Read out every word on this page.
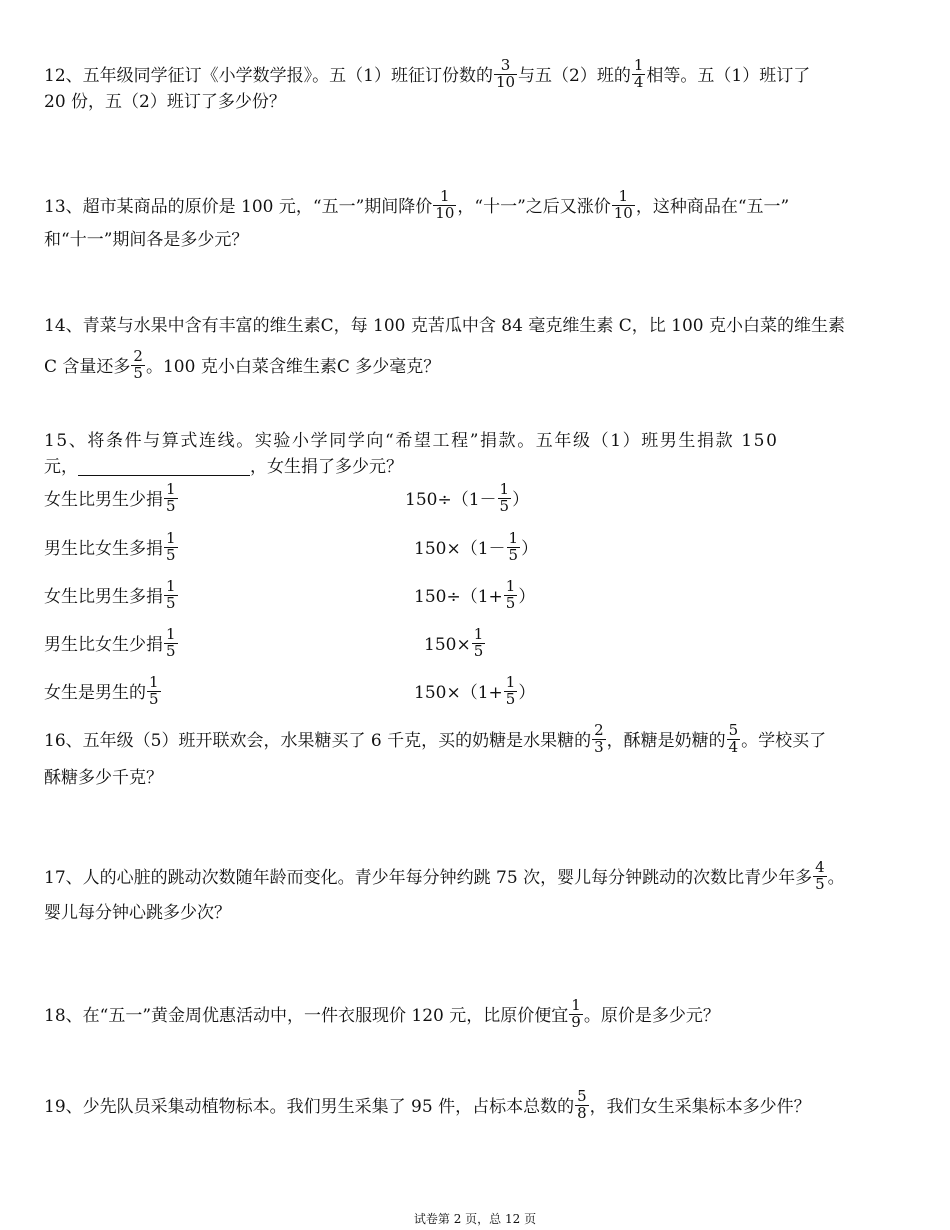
12、五年级同学征订《小学数学报》。五（1）班征订份数的 $\frac{3}{10}$ 与五（2）班的 $\frac{1}{4}$ 相等。五（1）班订了
20 份，五（2）班订了多少份？
13、超市某商品的原价是 100 元，“五一”期间降价 $\frac{1}{10}$ ，“十一”之后又涨价 $\frac{1}{10}$ ，这种商品在“五一”
和“十一”期间各是多少元？
14、青菜与水果中含有丰富的维生素C，每 100 克苦瓜中含 84 毫克维生素 C，比 100 克小白菜的维生素
C 含量还多 $\frac{2}{5}$ 。100 克小白菜含维生素C 多少毫克？
15、将条件与算式连线。实验小学同学向“希望工程”捐款。五年级（1）班男生捐款 150
元，	，女生捐了多少元？
女生比男生少捐 $\frac{1}{5}$
男生比女生多捐 $\frac{1}{5}$
女生比男生多捐 $\frac{1}{5}$
男生比女生少捐 $\frac{1}{5}$
女生是男生的 $\frac{1}{5}$
$150\div(1- \frac{1}{5}$ ）
$150\times(1- \frac{1}{5}$ ）
$150\div(1+ \frac{1}{5}$ ）
$150\times \frac{1}{5}$
$150\times(1+ \frac{1}{5}$ ）
16、五年级（5）班开联欢会，水果糖买了 6 千克，买的奶糖是水果糖的 $\frac{2}{3}$ ，酥糖是奶糖的 $\frac{5}{4}$ 。学校买了
酥糖多少千克？
17、人的心脏的跳动次数随年龄而变化。青少年每分钟约跳 75 次，婴儿每分钟跳动的次数比青少年多 $\frac{4}{5}$ 。
婴儿每分钟心跳多少次？
18、在“五一”黄金周优惠活动中，一件衣服现价 120 元，比原价便宜 $\frac{1}{9}$ 。原价是多少元？
19、少先队员采集动植物标本。我们男生采集了 95 件，占标本总数的 $\frac{5}{8}$ ，我们女生采集标本多少件？
试卷第 2 页，总 12 页
